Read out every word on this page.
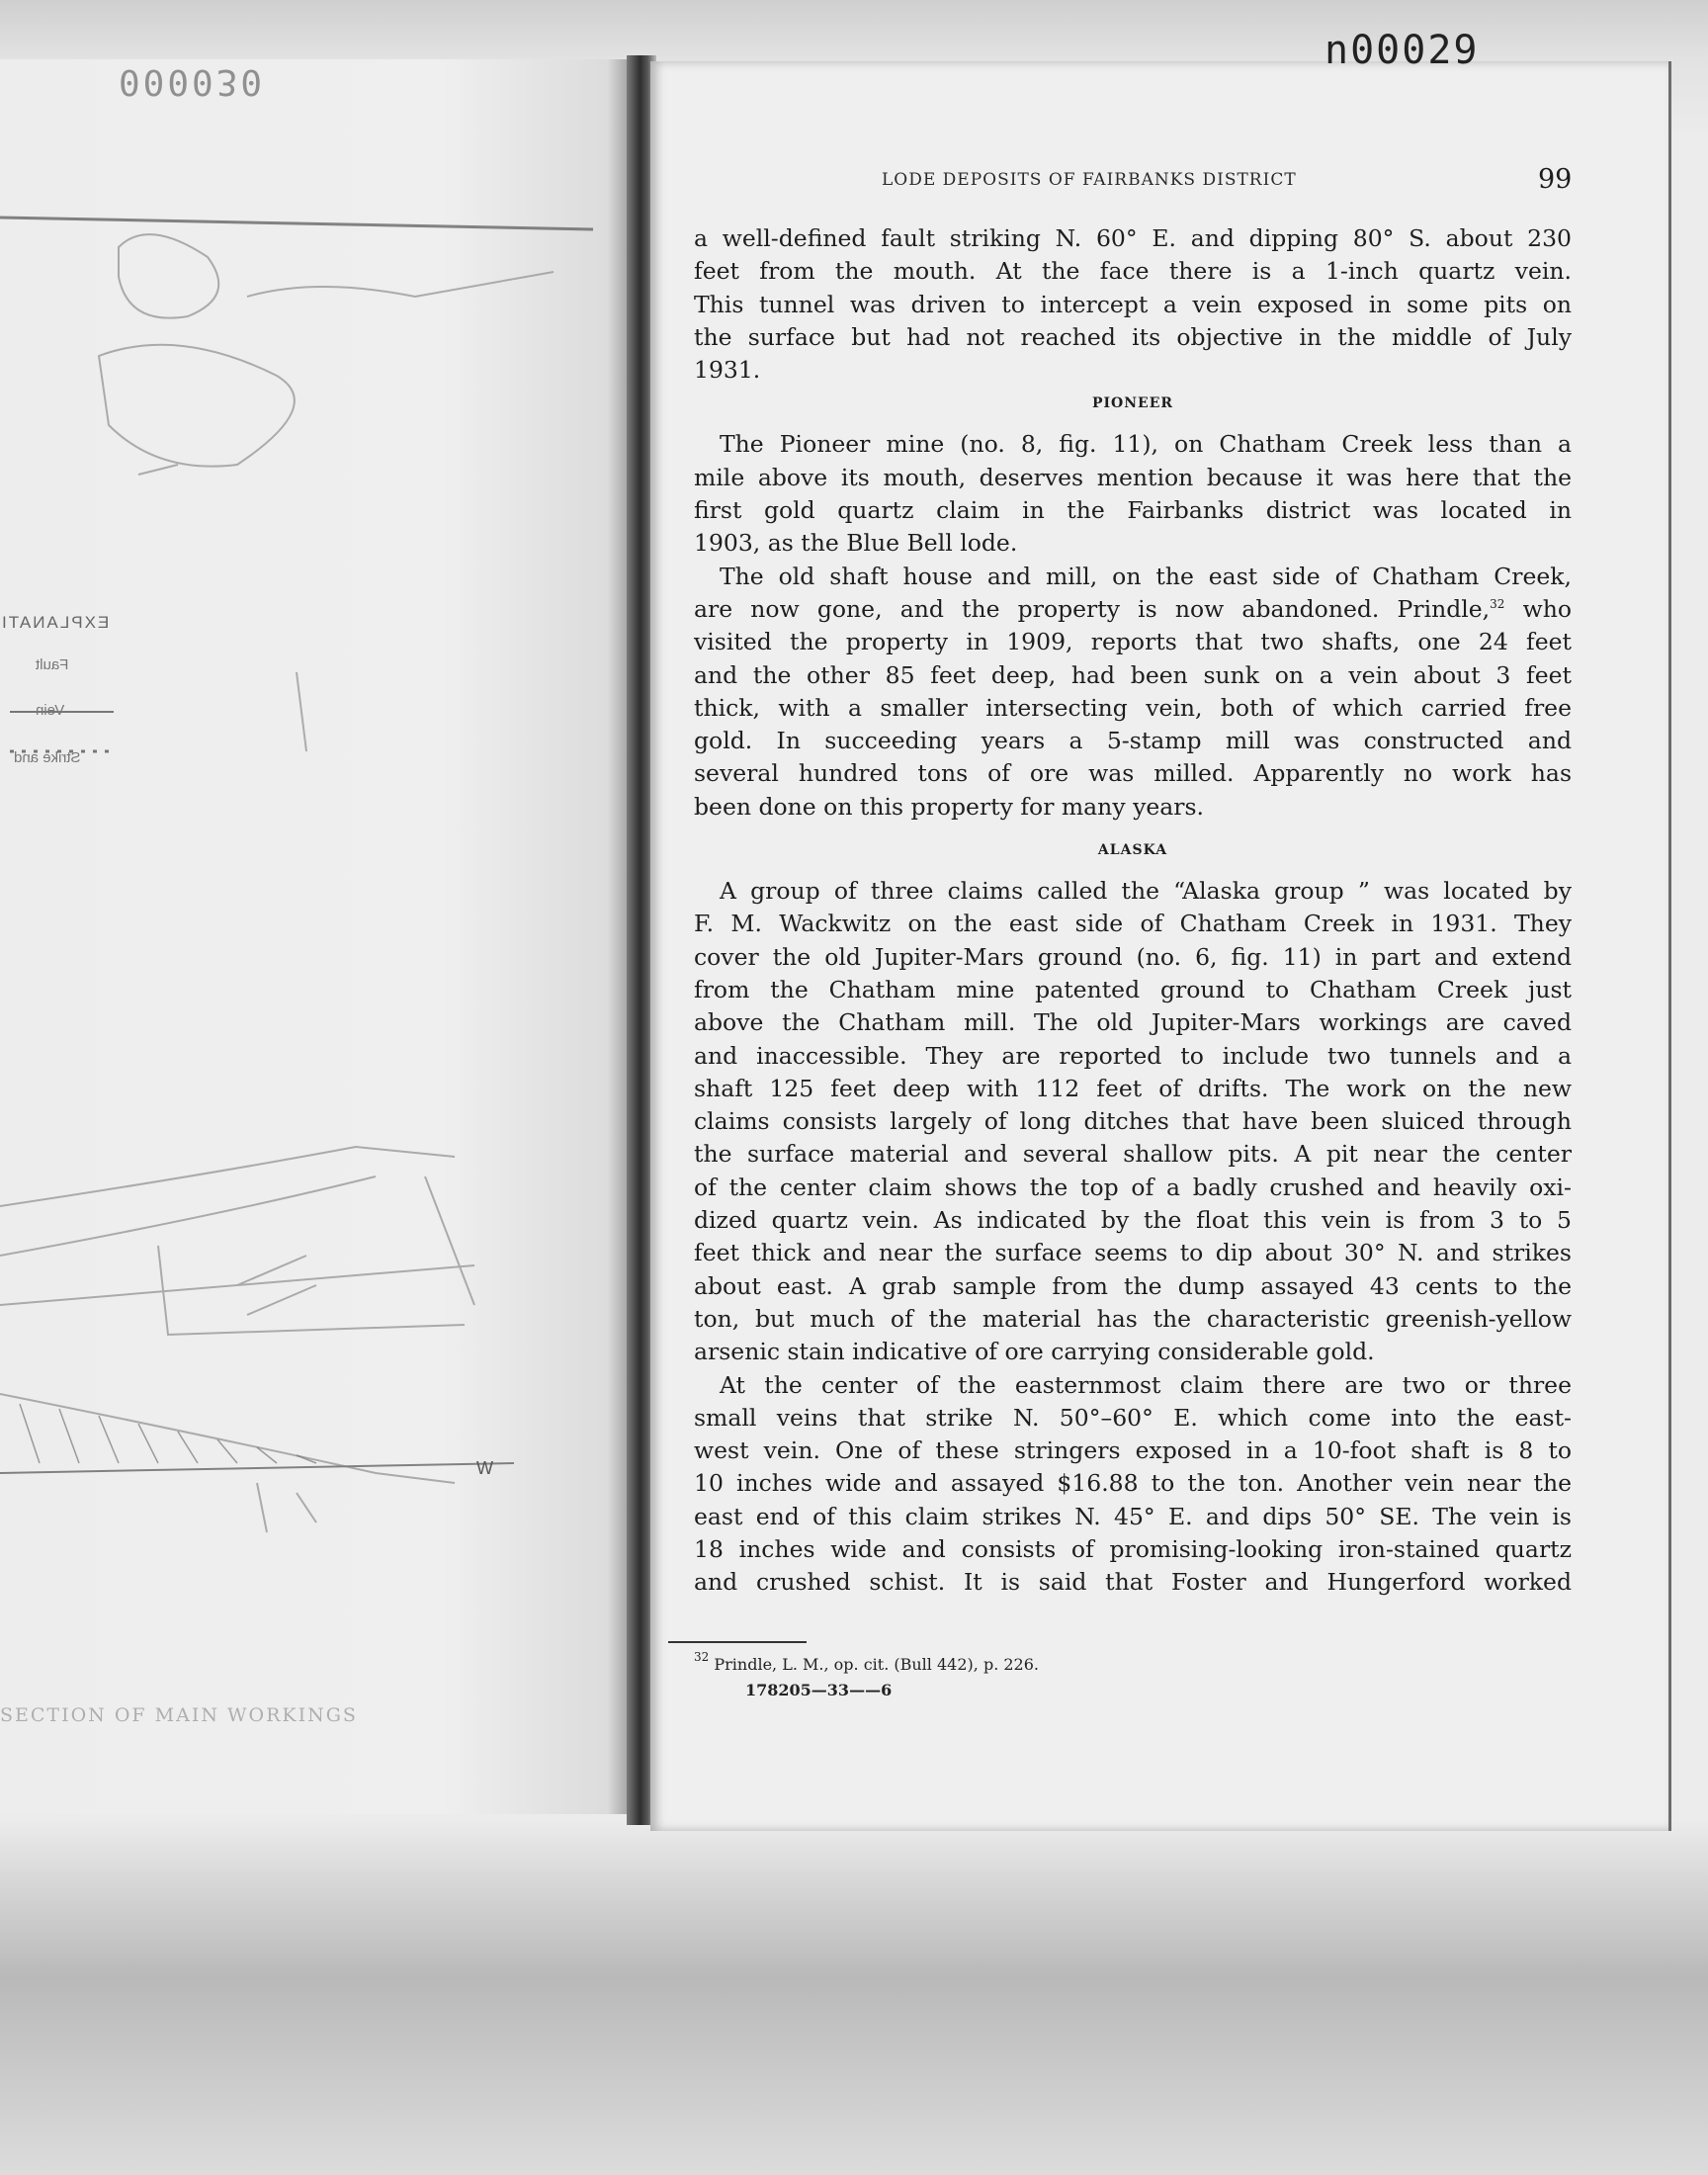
EXPLANATI
Fault
Vein
Strike and
W
SECTION OF MAIN WORKINGS
000030
n00029
LODE DEPOSITS OF FAIRBANKS DISTRICT	99
a well-defined fault striking N. 60° E. and dipping 80° S. about 230
feet from the mouth. At the face there is a 1-inch quartz vein.
This tunnel was driven to intercept a vein exposed in some pits on
the surface but had not reached its objective in the middle of July
1931.
PIONEER
The Pioneer mine (no. 8, fig. 11), on Chatham Creek less than a
mile above its mouth, deserves mention because it was here that the
first gold quartz claim in the Fairbanks district was located in
1903, as the Blue Bell lode.
The old shaft house and mill, on the east side of Chatham Creek,
are now gone, and the property is now abandoned. Prindle,$^{32}$ who
visited the property in 1909, reports that two shafts, one 24 feet
and the other 85 feet deep, had been sunk on a vein about 3 feet
thick, with a smaller intersecting vein, both of which carried free
gold. In succeeding years a 5-stamp mill was constructed and
several hundred tons of ore was milled. Apparently no work has
been done on this property for many years.
ALASKA
A group of three claims called the “Alaska group ” was located by
F. M. Wackwitz on the east side of Chatham Creek in 1931. They
cover the old Jupiter-Mars ground (no. 6, fig. 11) in part and extend
from the Chatham mine patented ground to Chatham Creek just
above the Chatham mill. The old Jupiter-Mars workings are caved
and inaccessible. They are reported to include two tunnels and a
shaft 125 feet deep with 112 feet of drifts. The work on the new
claims consists largely of long ditches that have been sluiced through
the surface material and several shallow pits. A pit near the center
of the center claim shows the top of a badly crushed and heavily oxi-
dized quartz vein. As indicated by the float this vein is from 3 to 5
feet thick and near the surface seems to dip about 30° N. and strikes
about east. A grab sample from the dump assayed 43 cents to the
ton, but much of the material has the characteristic greenish-yellow
arsenic stain indicative of ore carrying considerable gold.
At the center of the easternmost claim there are two or three
small veins that strike N. 50°–60° E. which come into the east-
west vein. One of these stringers exposed in a 10-foot shaft is 8 to
10 inches wide and assayed $16.88 to the ton. Another vein near the
east end of this claim strikes N. 45° E. and dips 50° SE. The vein is
18 inches wide and consists of promising-looking iron-stained quartz
and crushed schist. It is said that Foster and Hungerford worked
$^{32}$ Prindle, L. M., op. cit. (Bull 442), p. 226.
178205—33——6
